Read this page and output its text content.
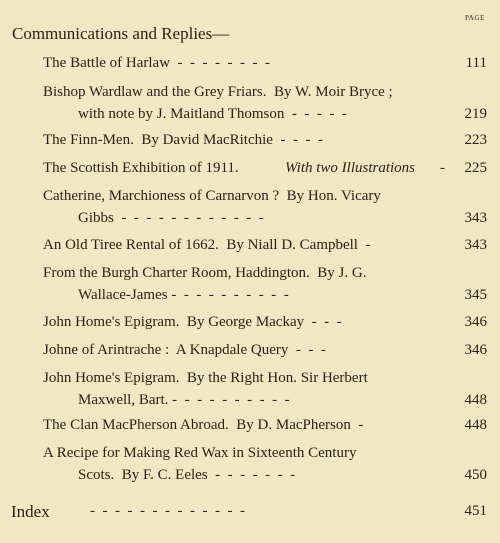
PAGE
Communications and Replies—
The Battle of Harlaw  -  -  -  -  -  -  -  -	111
Bishop Wardlaw and the Grey Friars.  By W. Moir Bryce ;
with note by J. Maitland Thomson  -  -  -  -  -	219
The Finn-Men.  By David MacRitchie  -  -  -  -	223
The Scottish Exhibition of 1911.	With two Illustrations - 225
Catherine, Marchioness of Carnarvon ?  By Hon. Vicary
Gibbs  -  -  -  -  -  -  -  -  -  -  -  -	343
An Old Tiree Rental of 1662.  By Niall D. Campbell  -	343
From the Burgh Charter Room, Haddington.  By J. G.
Wallace-James -  -  -  -  -  -  -  -  -  -	345
John Home's Epigram.  By George Mackay  -  -  -	346
Johne of Arintrache :  A Knapdale Query  -  -  -	346
John Home's Epigram.  By the Right Hon. Sir Herbert
Maxwell, Bart. -  -  -  -  -  -  -  -  -  -	448
The Clan MacPherson Abroad.  By D. MacPherson  -	448
A Recipe for Making Red Wax in Sixteenth Century
Scots.  By F. C. Eeles  -  -  -  -  -  -  -	450
Index	-  -  -  -  -  -  -  -  -  -  -  -  -	451
